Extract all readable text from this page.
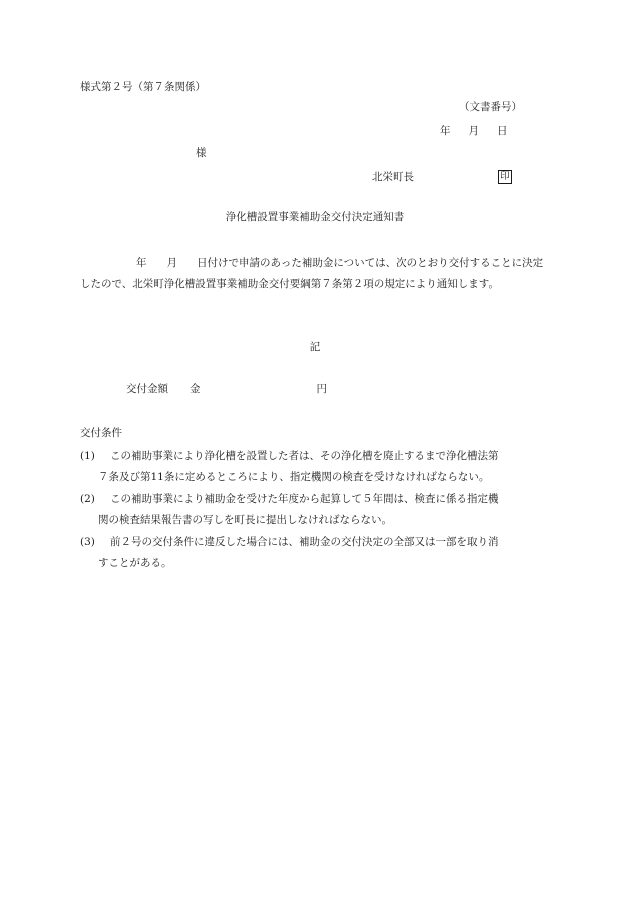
様式第２号（第７条関係）
（文書番号）
年 月 日
様
北栄町長	印
浄化槽設置事業補助金交付決定通知書
年 月 日付けで申請のあった補助金については、次のとおり交付することに決定したので、北栄町浄化槽設置事業補助金交付要綱第７条第２項の規定により通知します。
記
交付金額 金	円
交付条件
(1) この補助事業により浄化槽を設置した者は、その浄化槽を廃止するまで浄化槽法第
７条及び第11条に定めるところにより、指定機関の検査を受けなければならない。
(2) この補助事業により補助金を受けた年度から起算して５年間は、検査に係る指定機
関の検査結果報告書の写しを町長に提出しなければならない。
(3) 前２号の交付条件に違反した場合には、補助金の交付決定の全部又は一部を取り消
すことがある。
